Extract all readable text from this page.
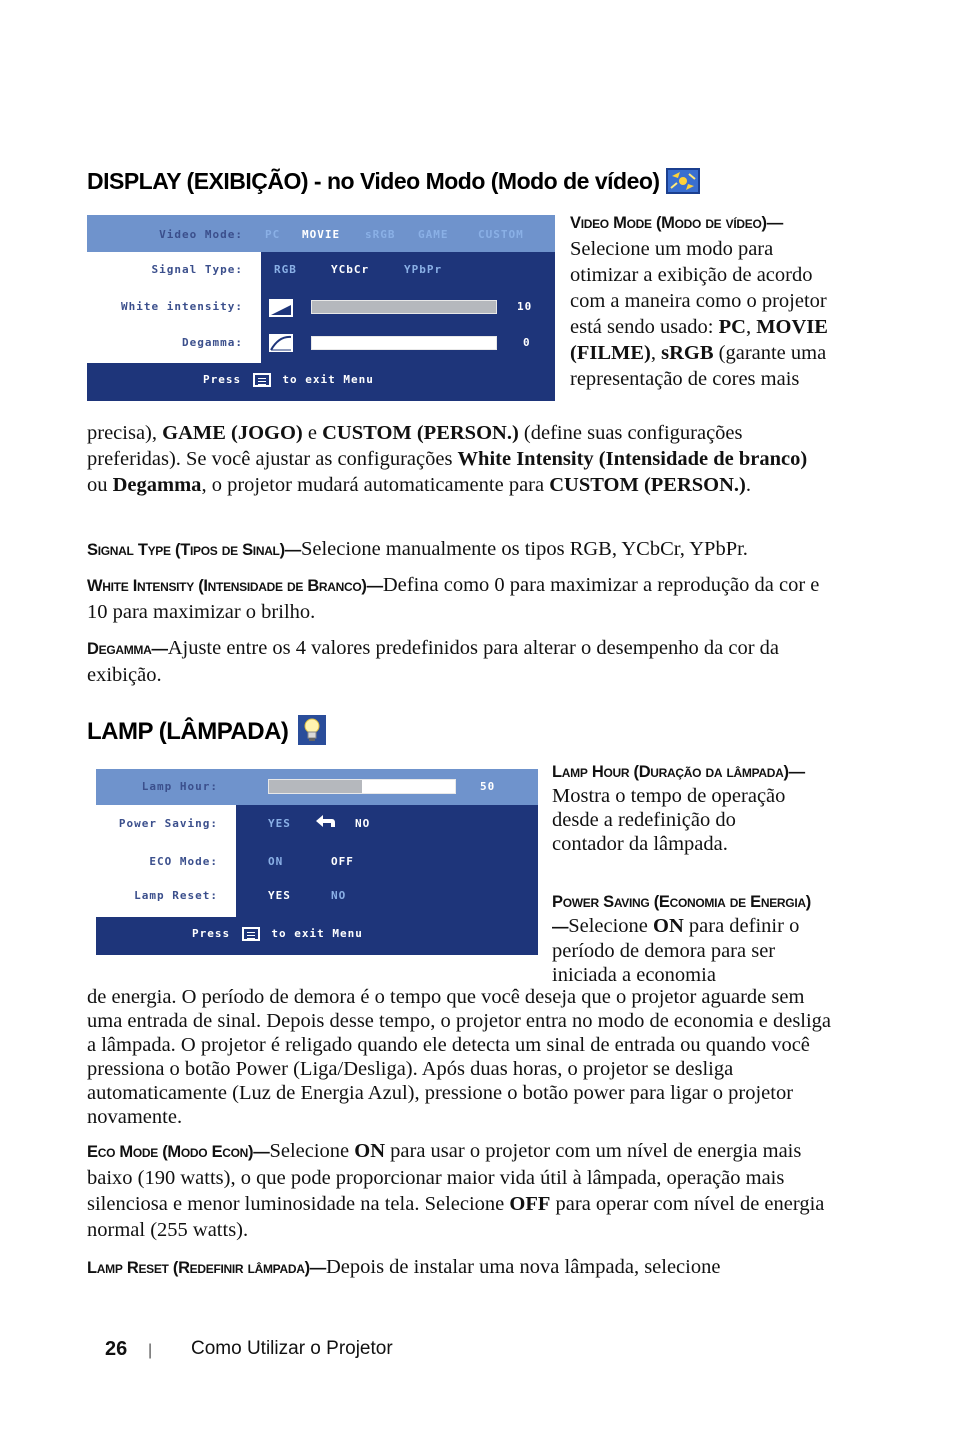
DISPLAY (EXIBIÇÃO) - no Video Modo (Modo de vídeo)
Video Mode: PC MOVIE sRGB GAME	CUSTOM
Signal Type:	RGB	YCbCr	YPbPr
White intensity:	10
Degamma:	0
Press	to exit Menu
Video Mode (Modo de vídeo)—Selecione um modo para otimizar a exibição de acordo com a maneira como o projetor está sendo usado: PC, MOVIE (FILME), sRGB (garante uma representação de cores mais
precisa), GAME (JOGO) e CUSTOM (PERSON.) (define suas configurações preferidas). Se você ajustar as configurações White Intensity (Intensidade de branco) ou Degamma, o projetor mudará automaticamente para CUSTOM (PERSON.).
Signal Type (Tipos de Sinal)—Selecione manualmente os tipos RGB, YCbCr, YPbPr.
White Intensity (Intensidade de Branco)—Defina como 0 para maximizar a reprodução da cor e 10 para maximizar o brilho.
Degamma—Ajuste entre os 4 valores predefinidos para alterar o desempenho da cor da exibição.
LAMP (LÂMPADA)
Lamp Hour:	50
Power Saving:	YES	NO
ECO Mode:	ON	OFF
Lamp Reset:	YES	NO
Press	to exit Menu
Lamp Hour (Duração da lâmpada)—Mostra o tempo de operação desde a redefinição do contador da lâmpada.
Power Saving (Economia de Energia)—Selecione ON para definir o período de demora para ser iniciada a economia
de energia. O período de demora é o tempo que você deseja que o projetor aguarde sem uma entrada de sinal. Depois desse tempo, o projetor entra no modo de economia e desliga a lâmpada. O projetor é religado quando ele detecta um sinal de entrada ou quando você pressiona o botão Power (Liga/Desliga). Após duas horas, o projetor se desliga automaticamente (Luz de Energia Azul), pressione o botão power para ligar o projetor novamente.
Eco Mode (Modo Econ)—Selecione ON para usar o projetor com um nível de energia mais baixo (190 watts), o que pode proporcionar maior vida útil à lâmpada, operação mais silenciosa e menor luminosidade na tela. Selecione OFF para operar com nível de energia normal (255 watts).
Lamp Reset (Redefinir lâmpada)—Depois de instalar uma nova lâmpada, selecione
26 | Como Utilizar o Projetor
